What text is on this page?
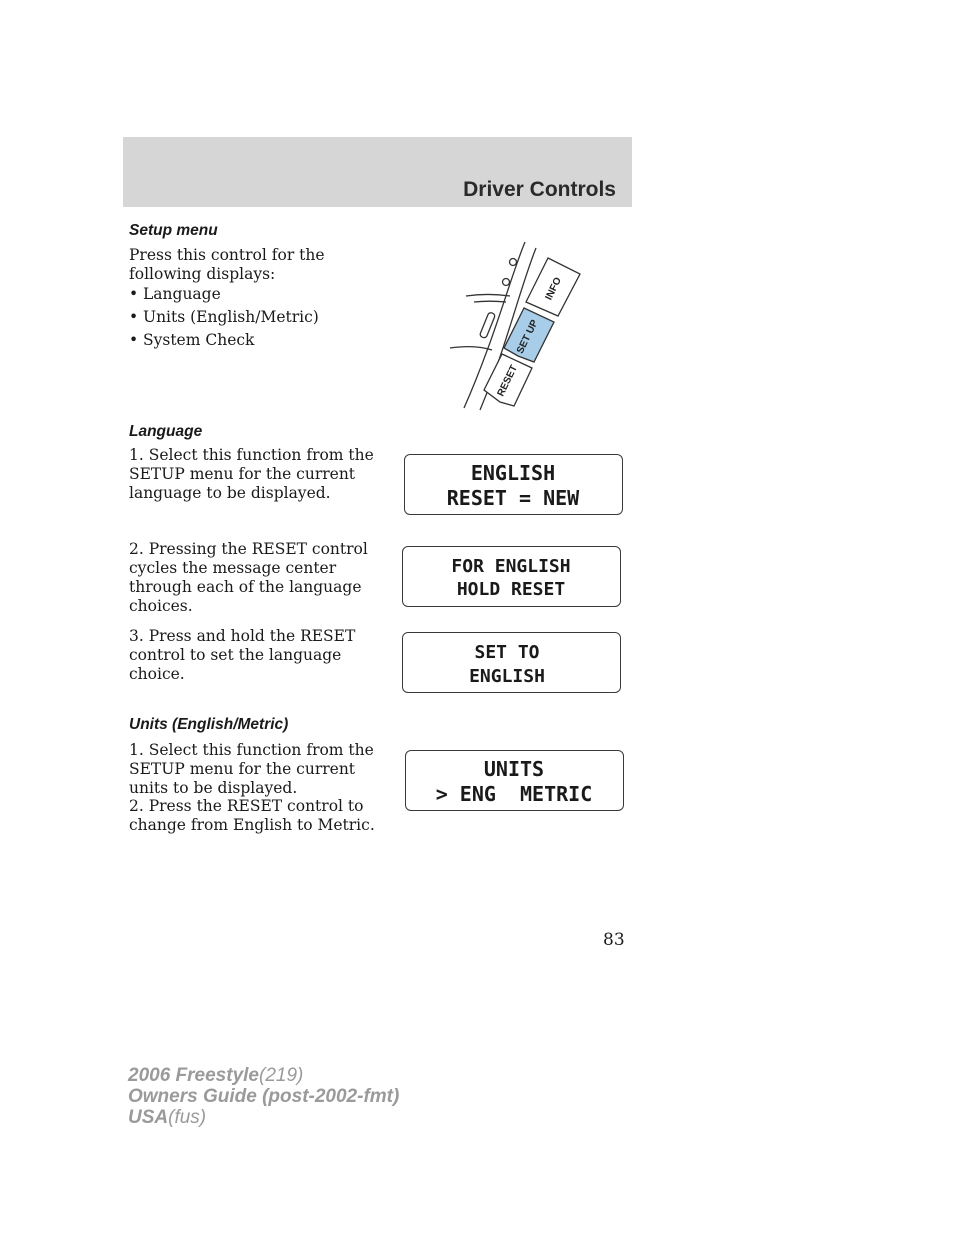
Driver Controls
Setup menu
Press this control for the following displays:
• Language
• Units (English/Metric)
• System Check
INFO
SET UP
RESET
Language
1. Select this function from the SETUP menu for the current language to be displayed.
2. Pressing the RESET control cycles the message center through each of the language choices.
3. Press and hold the RESET control to set the language choice.
ENGLISH
RESET = NEW
FOR ENGLISH
HOLD RESET
SET TO
ENGLISH
Units (English/Metric)
1. Select this function from the SETUP menu for the current units to be displayed.
2. Press the RESET control to change from English to Metric.
UNITS
> ENG  METRIC
83
2006 Freestyle(219)
Owners Guide (post-2002-fmt)
USA(fus)
